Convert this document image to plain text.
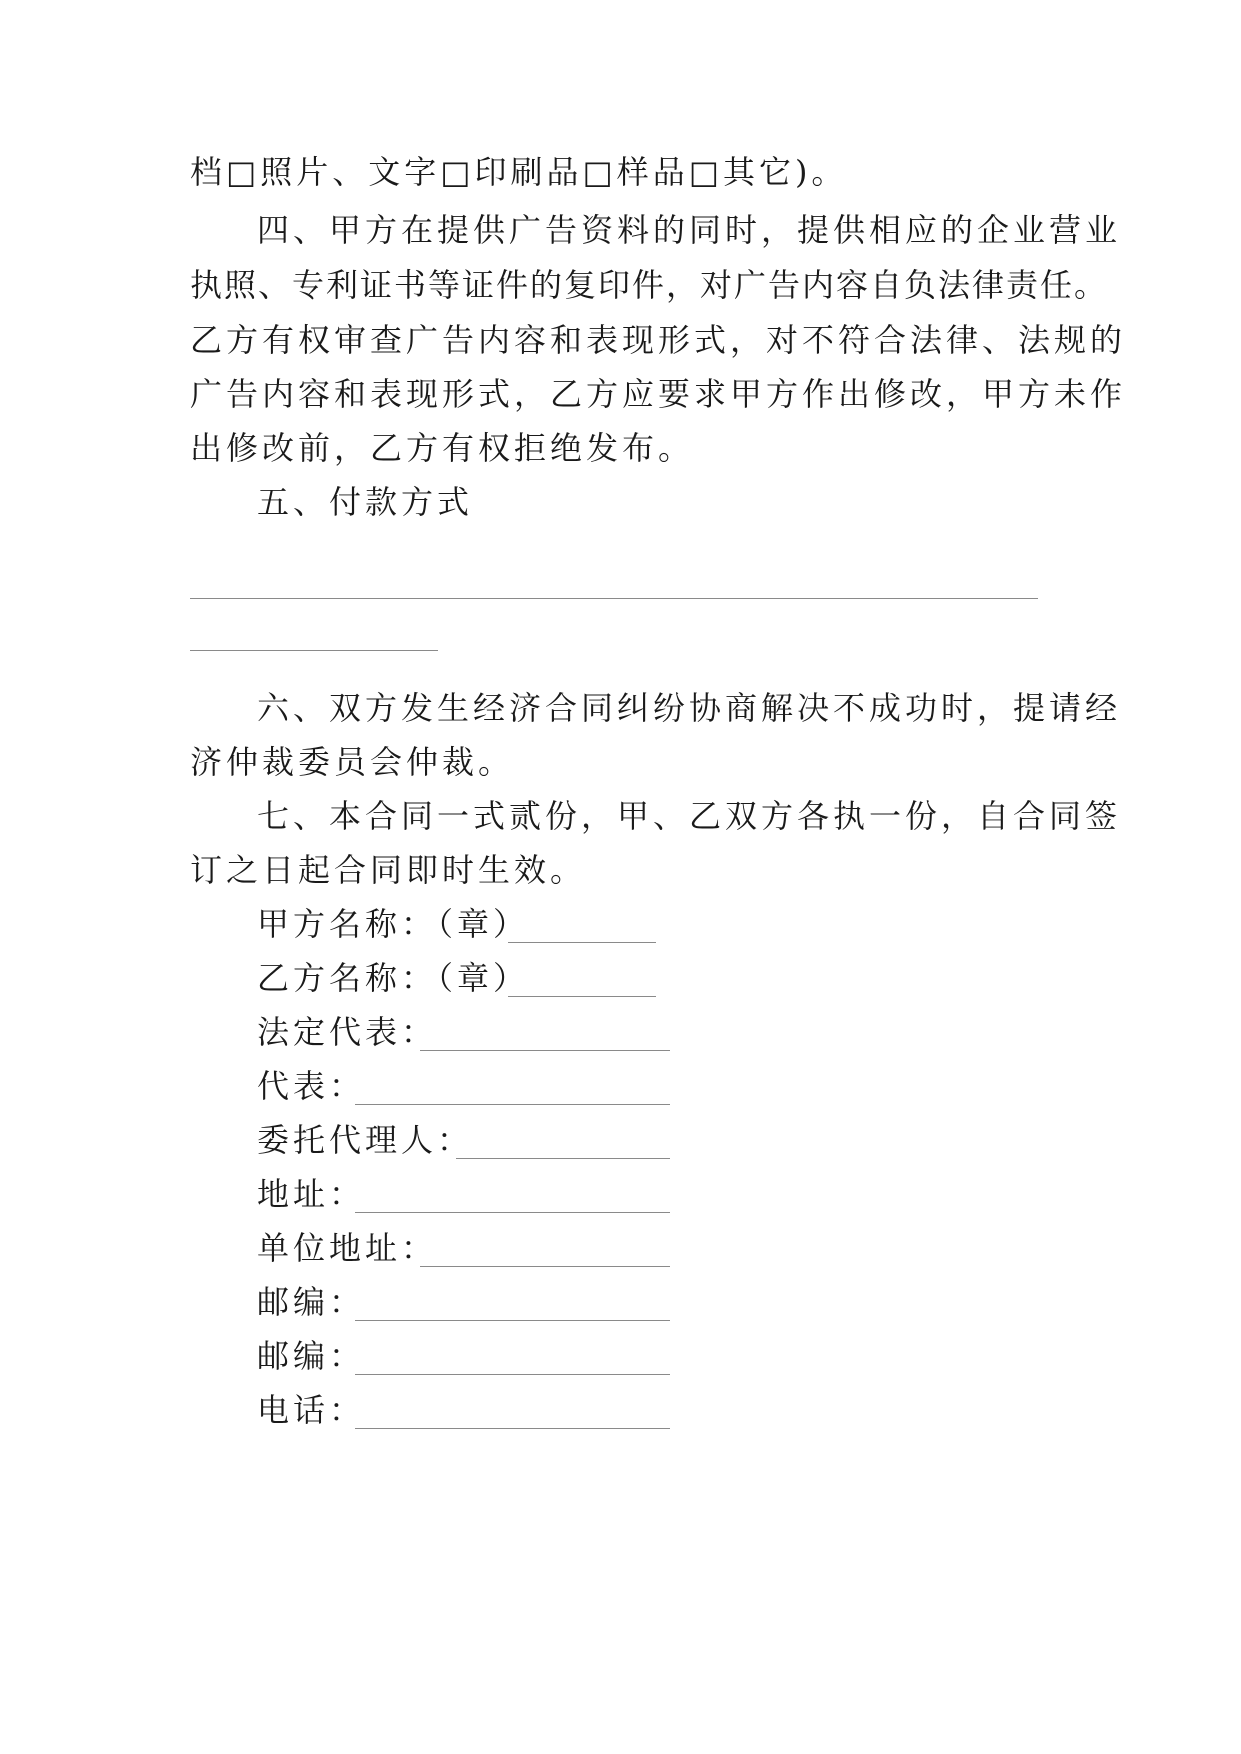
档□照片、文字□印刷品□样品□其它)。
四、甲方在提供广告资料的同时，提供相应的企业营业
执照、专利证书等证件的复印件，对广告内容自负法律责任。
乙方有权审查广告内容和表现形式，对不符合法律、法规的
广告内容和表现形式，乙方应要求甲方作出修改，甲方未作
出修改前，乙方有权拒绝发布。
五、付款方式
六、双方发生经济合同纠纷协商解决不成功时，提请经
济仲裁委员会仲裁。
七、本合同一式贰份，甲、乙双方各执一份，自合同签
订之日起合同即时生效。
甲方名称：（章）
乙方名称：（章）
法定代表：
代表：
委托代理人：
地址：
单位地址：
邮编：
邮编：
电话：
